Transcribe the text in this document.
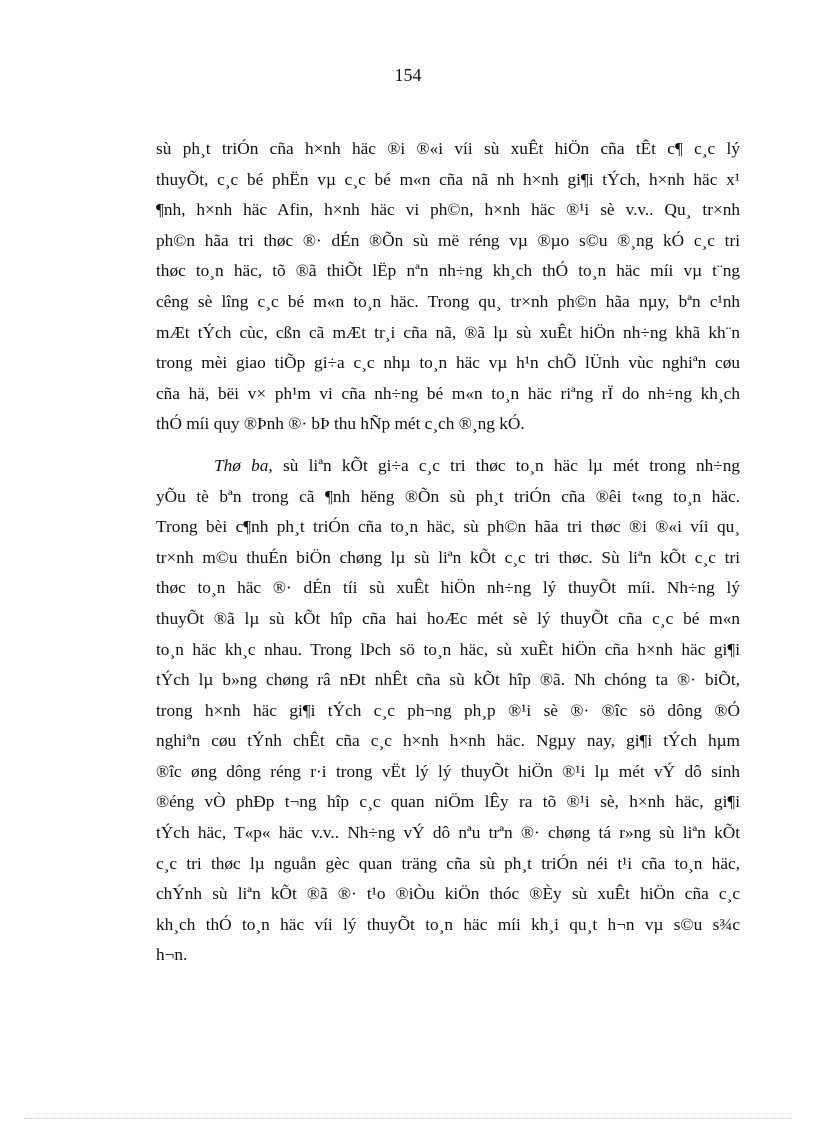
154

sù ph¸t triÓn cña h×nh häc ®i ®«i víi sù xuÊt hiÖn cña tÊt c¶ c¸c lý
thuyÕt, c¸c bé phËn vµ c¸c bé m«n cña nã nh h×nh gi¶i tÝch, h×nh häc x¹
¶nh, h×nh häc Afin, h×nh häc vi ph©n, h×nh häc ®¹i sè v.v.. Qu¸ tr×nh
ph©n hãa tri thøc ®· dÉn ®Õn sù më réng vµ ®µo s©u ®¸ng kÓ c¸c tri
thøc to¸n häc, tõ ®ã thiÕt lËp nªn nh÷ng kh¸ch thÓ to¸n häc míi vµ t¨ng
cêng sè lîng c¸c bé m«n to¸n häc. Trong qu¸ tr×nh ph©n hãa nµy, bªn c¹nh
mÆt tÝch cùc, cßn cã mÆt tr¸i cña nã, ®ã lµ sù xuÊt hiÖn nh÷ng khã kh¨n
trong mèi giao tiÕp gi÷a c¸c nhµ to¸n häc vµ h¹n chÕ lÜnh vùc nghiªn cøu
cña hä, bëi v× ph¹m vi cña nh÷ng bé m«n to¸n häc riªng rÏ do nh÷ng kh¸ch
thÓ míi quy ®Þnh ®· bÞ thu hÑp mét c¸ch ®¸ng kÓ.

Thø ba, sù liªn kÕt gi÷a c¸c tri thøc to¸n häc lµ mét trong nh÷ng
yÕu tè bªn trong cã ¶nh hëng ®Õn sù ph¸t triÓn cña ®êi t«ng to¸n häc.
Trong bèi c¶nh ph¸t triÓn cña to¸n häc, sù ph©n hãa tri thøc ®i ®«i víi qu¸
tr×nh m©u thuÉn biÖn chøng lµ sù liªn kÕt c¸c tri thøc. Sù liªn kÕt c¸c tri
thøc to¸n häc ®· dÉn tíi sù xuÊt hiÖn nh÷ng lý thuyÕt míi. Nh÷ng lý
thuyÕt ®ã lµ sù kÕt hîp cña hai hoÆc mét sè lý thuyÕt cña c¸c bé m«n
to¸n häc kh¸c nhau. Trong lÞch sö to¸n häc, sù xuÊt hiÖn cña h×nh häc gi¶i
tÝch lµ b»ng chøng râ nÐt nhÊt cña sù kÕt hîp ®ã. Nh chóng ta ®· biÕt,
trong h×nh häc gi¶i tÝch c¸c ph¬ng ph¸p ®¹i sè ®· ®îc sö dông ®Ó
nghiªn cøu tÝnh chÊt cña c¸c h×nh h×nh häc. Ngµy nay, gi¶i tÝch hµm
®îc øng dông réng r·i trong vËt lý lý thuyÕt hiÖn ®¹i lµ mét vÝ dô sinh
®éng vÒ phÐp t¬ng hîp c¸c quan niÖm lÊy ra tõ ®¹i sè, h×nh häc, gi¶i
tÝch häc, T«p« häc v.v.. Nh÷ng vÝ dô nªu trªn ®· chøng tá r»ng sù liªn kÕt
c¸c tri thøc lµ nguån gèc quan träng cña sù ph¸t triÓn néi t¹i cña to¸n häc,
chÝnh sù liªn kÕt ®ã ®· t¹o ®iÒu kiÖn thóc ®Èy sù xuÊt hiÖn cña c¸c
kh¸ch thÓ to¸n häc víi lý thuyÕt to¸n häc míi kh¸i qu¸t h¬n vµ s©u s¾c
h¬n.
